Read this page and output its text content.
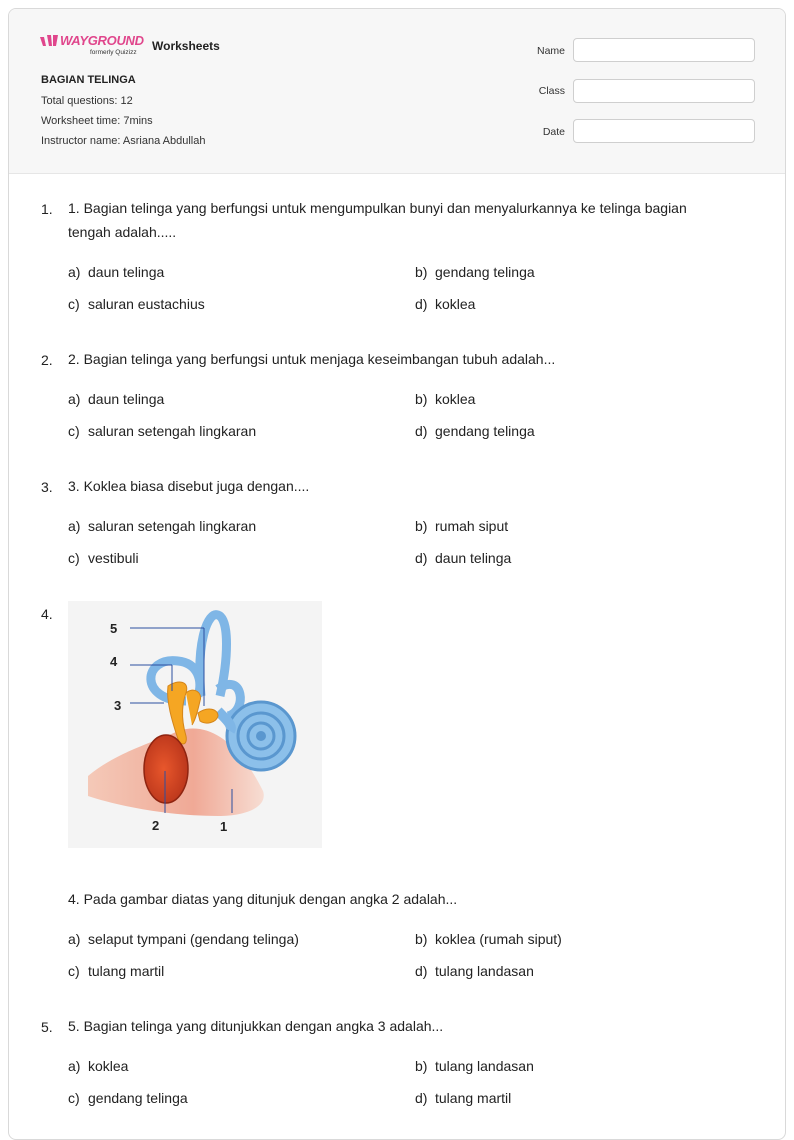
WAYGROUND
formerly Quizizz Worksheets
BAGIAN TELINGA
Total questions: 12
Worksheet time: 7mins
Instructor name: Asriana Abdullah
Name
Class
Date
1. 1. Bagian telinga yang berfungsi untuk mengumpulkan bunyi dan menyalurkannya ke telinga bagian tengah adalah.....
a) daun telinga	b) gendang telinga
c) saluran eustachius	d) koklea
2. 2. Bagian telinga yang berfungsi untuk menjaga keseimbangan tubuh adalah...
a) daun telinga	b) koklea
c) saluran setengah lingkaran	d) gendang telinga
3. 3. Koklea biasa disebut juga dengan....
a) saluran setengah lingkaran	b) rumah siput
c) vestibuli	d) daun telinga
4.
5
4
3
2	1
4. Pada gambar diatas yang ditunjuk dengan angka 2 adalah...
a) selaput tympani (gendang telinga)	b) koklea (rumah siput)
c) tulang martil	d) tulang landasan
5. 5. Bagian telinga yang ditunjukkan dengan angka 3 adalah...
a) koklea	b) tulang landasan
c) gendang telinga	d) tulang martil
